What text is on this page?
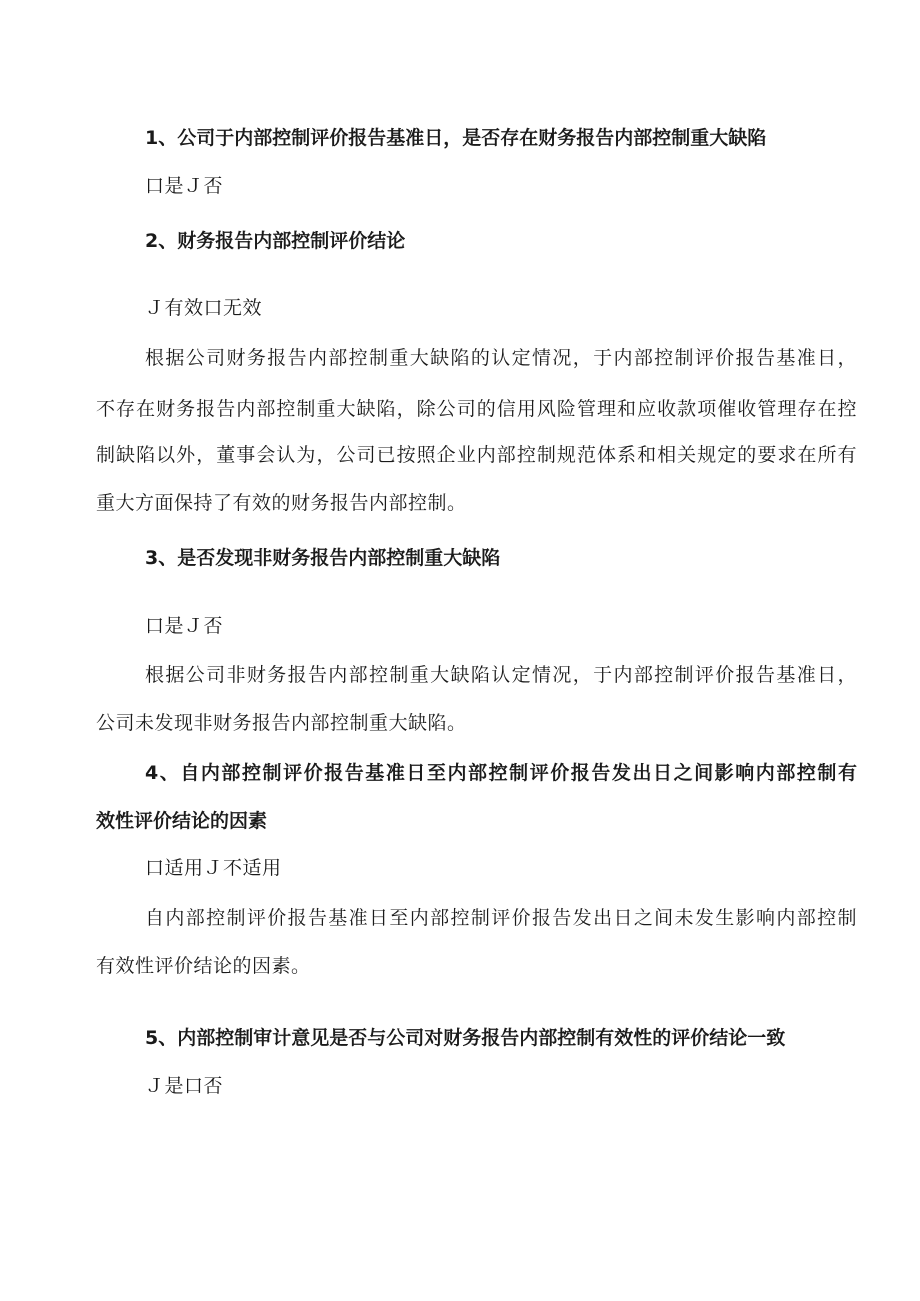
1、公司于内部控制评价报告基准日，是否存在财务报告内部控制重大缺陷

口是Ｊ否

2、财务报告内部控制评价结论

Ｊ有效口无效

根据公司财务报告内部控制重大缺陷的认定情况，于内部控制评价报告基准日，

不存在财务报告内部控制重大缺陷，除公司的信用风险管理和应收款项催收管理存在控

制缺陷以外，董事会认为，公司已按照企业内部控制规范体系和相关规定的要求在所有

重大方面保持了有效的财务报告内部控制。

3、是否发现非财务报告内部控制重大缺陷

口是Ｊ否

根据公司非财务报告内部控制重大缺陷认定情况，于内部控制评价报告基准日，

公司未发现非财务报告内部控制重大缺陷。

4、自内部控制评价报告基准日至内部控制评价报告发出日之间影响内部控制有

效性评价结论的因素

口适用Ｊ不适用

自内部控制评价报告基准日至内部控制评价报告发出日之间未发生影响内部控制

有效性评价结论的因素。

5、内部控制审计意见是否与公司对财务报告内部控制有效性的评价结论一致

Ｊ是口否
